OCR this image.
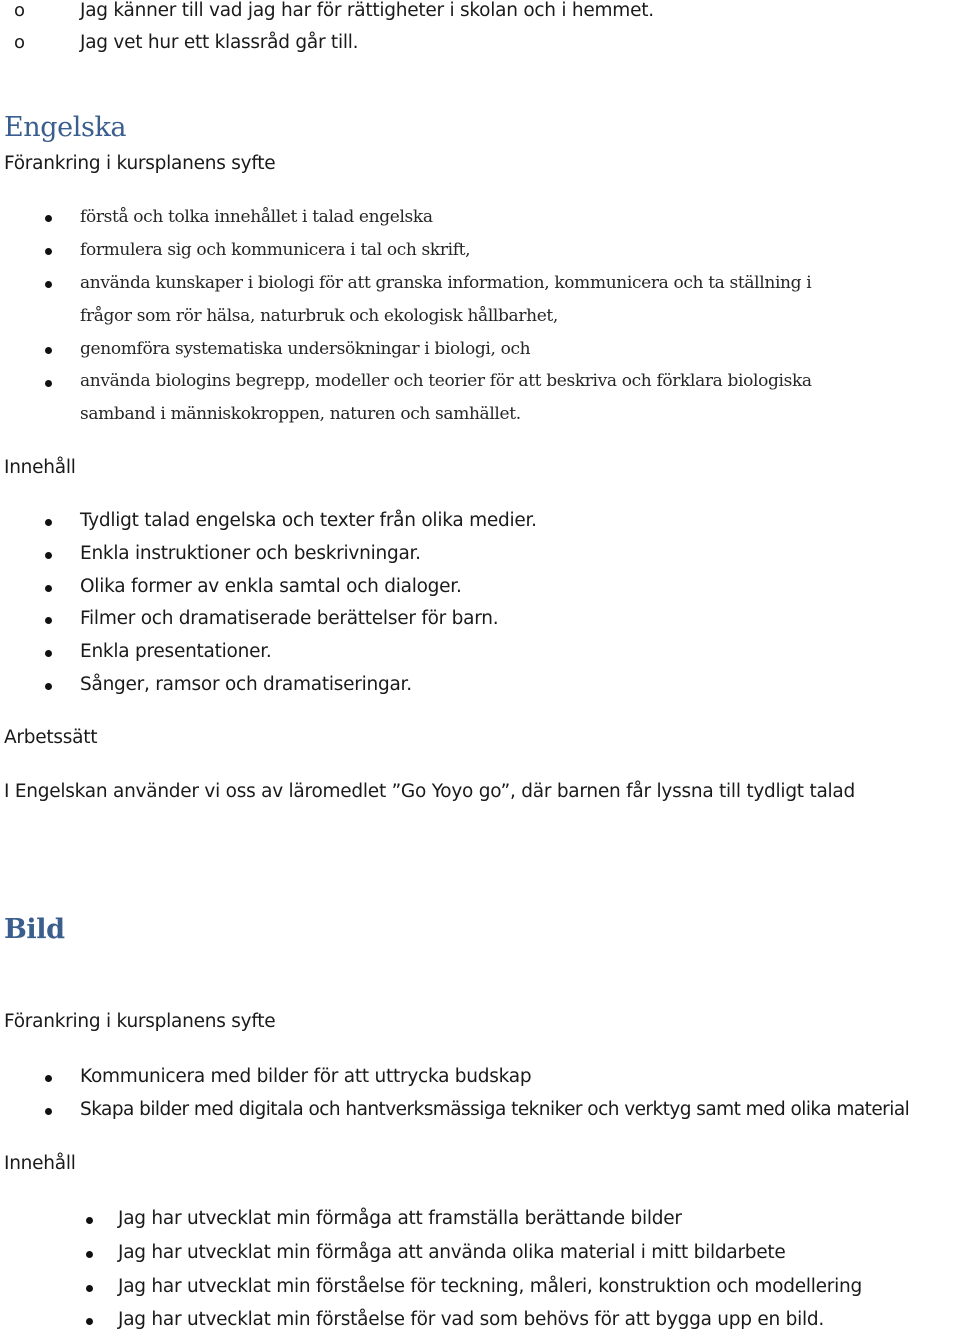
o	Jag känner till vad jag har för rättigheter i skolan och i hemmet.
o	Jag vet hur ett klassråd går till.
Engelska
Förankring i kursplanens syfte
förstå och tolka innehållet i talad engelska
formulera sig och kommunicera i tal och skrift,
använda kunskaper i biologi för att granska information, kommunicera och ta ställning i
frågor som rör hälsa, naturbruk och ekologisk hållbarhet,
genomföra systematiska undersökningar i biologi, och
använda biologins begrepp, modeller och teorier för att beskriva och förklara biologiska
samband i människokroppen, naturen och samhället.
Innehåll
Tydligt talad engelska och texter från olika medier.
Enkla instruktioner och beskrivningar.
Olika former av enkla samtal och dialoger.
Filmer och dramatiserade berättelser för barn.
Enkla presentationer.
Sånger, ramsor och dramatiseringar.
Arbetssätt
I Engelskan använder vi oss av läromedlet ”Go Yoyo go”, där barnen får lyssna till tydligt talad
Bild
Förankring i kursplanens syfte
Kommunicera med bilder för att uttrycka budskap
Skapa bilder med digitala och hantverksmässiga tekniker och verktyg samt med olika material
Innehåll
Jag har utvecklat min förmåga att framställa berättande bilder
Jag har utvecklat min förmåga att använda olika material i mitt bildarbete
Jag har utvecklat min förståelse för teckning, måleri, konstruktion och modellering
Jag har utvecklat min förståelse för vad som behövs för att bygga upp en bild.
